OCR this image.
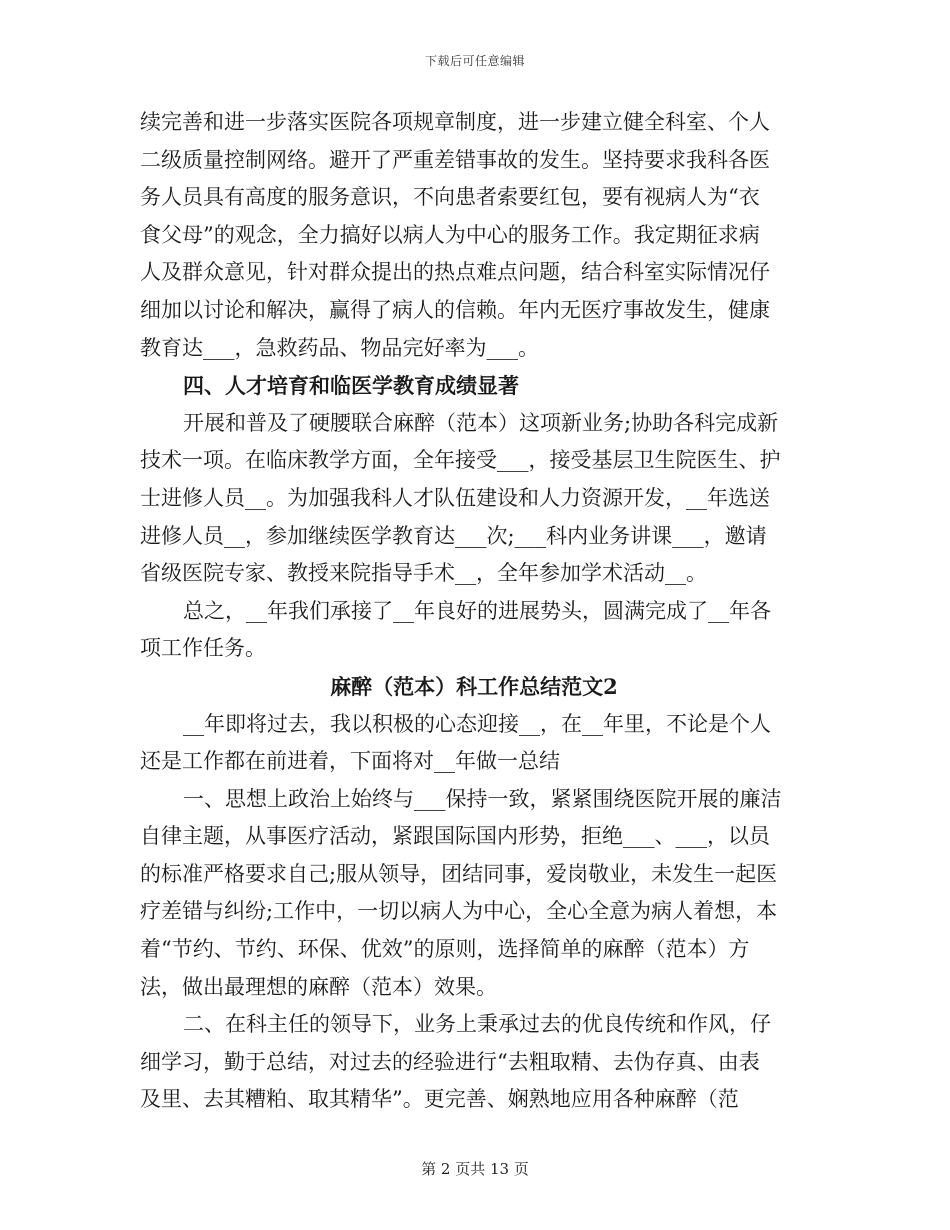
下载后可任意编辑
续完善和进一步落实医院各项规章制度，进一步建立健全科室、个人
二级质量控制网络。避开了严重差错事故的发生。坚持要求我科各医
务人员具有高度的服务意识，不向患者索要红包，要有视病人为“衣
食父母”的观念，全力搞好以病人为中心的服务工作。我定期征求病
人及群众意见，针对群众提出的热点难点问题，结合科室实际情况仔
细加以讨论和解决，赢得了病人的信赖。年内无医疗事故发生，健康
教育达___，急救药品、物品完好率为___。
四、人才培育和临医学教育成绩显著
开展和普及了硬腰联合麻醉（范本）这项新业务;协助各科完成新
技术一项。在临床教学方面，全年接受___，接受基层卫生院医生、护
士进修人员__。为加强我科人才队伍建设和人力资源开发，__年选送
进修人员__，参加继续医学教育达___次;___科内业务讲课___，邀请
省级医院专家、教授来院指导手术__，全年参加学术活动__。
总之，__年我们承接了__年良好的进展势头，圆满完成了__年各
项工作任务。
麻醉（范本）科工作总结范文2
__年即将过去，我以积极的心态迎接__，在__年里，不论是个人
还是工作都在前进着，下面将对__年做一总结
一、思想上政治上始终与___保持一致，紧紧围绕医院开展的廉洁
自律主题，从事医疗活动，紧跟国际国内形势，拒绝___、___，以员
的标准严格要求自己;服从领导，团结同事，爱岗敬业，未发生一起医
疗差错与纠纷;工作中，一切以病人为中心，全心全意为病人着想，本
着“节约、节约、环保、优效”的原则，选择简单的麻醉（范本）方
法，做出最理想的麻醉（范本）效果。
二、在科主任的领导下，业务上秉承过去的优良传统和作风，仔
细学习，勤于总结，对过去的经验进行“去粗取精、去伪存真、由表
及里、去其糟粕、取其精华”。更完善、娴熟地应用各种麻醉（范
第 2 页共 13 页
